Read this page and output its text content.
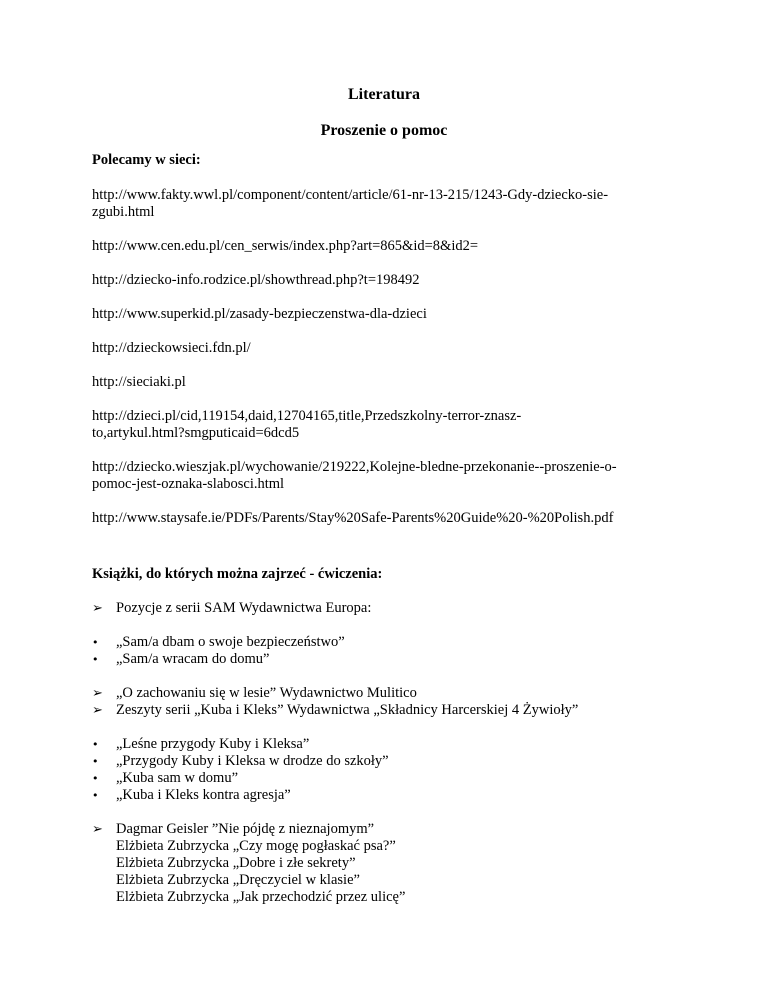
Literatura
Proszenie o pomoc
Polecamy w sieci:
http://www.fakty.wwl.pl/component/content/article/61-nr-13-215/1243-Gdy-dziecko-sie-
zgubi.html
http://www.cen.edu.pl/cen_serwis/index.php?art=865&id=8&id2=
http://dziecko-info.rodzice.pl/showthread.php?t=198492
http://www.superkid.pl/zasady-bezpieczenstwa-dla-dzieci
http://dzieckowsieci.fdn.pl/
http://sieciaki.pl
http://dzieci.pl/cid,119154,daid,12704165,title,Przedszkolny-terror-znasz-
to,artykul.html?smgputicaid=6dcd5
http://dziecko.wieszjak.pl/wychowanie/219222,Kolejne-bledne-przekonanie--proszenie-o-
pomoc-jest-oznaka-slabosci.html
http://www.staysafe.ie/PDFs/Parents/Stay%20Safe-Parents%20Guide%20-%20Polish.pdf
Książki, do których można zajrzeć - ćwiczenia:
➢ Pozycje z serii SAM Wydawnictwa Europa:
• „Sam/a dbam o swoje bezpieczeństwo”
• „Sam/a wracam do domu”
➢ „O zachowaniu się w lesie” Wydawnictwo Mulitico
➢ Zeszyty serii „Kuba i Kleks” Wydawnictwa „Składnicy Harcerskiej 4 Żywioły”
• „Leśne przygody Kuby i Kleksa”
• „Przygody Kuby i Kleksa w drodze do szkoły”
• „Kuba sam w domu”
• „Kuba i Kleks kontra agresja”
➢ Dagmar Geisler ”Nie pójdę z nieznajomym”
Elżbieta Zubrzycka „Czy mogę pogłaskać psa?”
Elżbieta Zubrzycka „Dobre i złe sekrety”
Elżbieta Zubrzycka „Dręczyciel w klasie”
Elżbieta Zubrzycka „Jak przechodzić przez ulicę”
